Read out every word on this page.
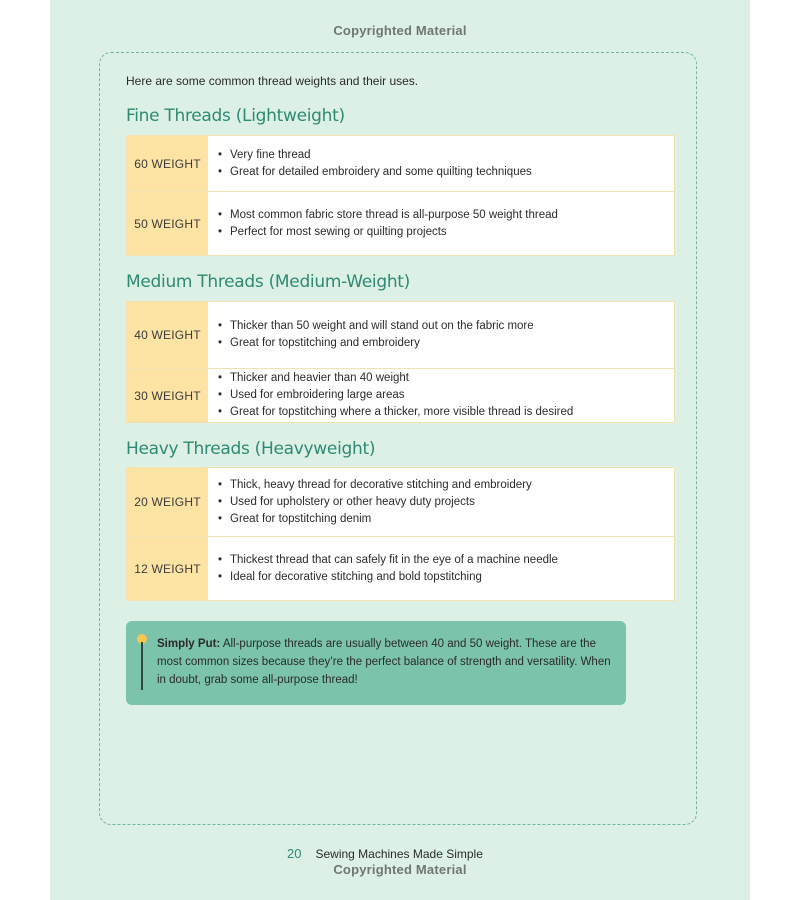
Copyrighted Material
Here are some common thread weights and their uses.
Fine Threads (Lightweight)
60 WEIGHT
• Very fine thread
• Great for detailed embroidery and some quilting techniques
50 WEIGHT
• Most common fabric store thread is all-purpose 50 weight thread
• Perfect for most sewing or quilting projects
Medium Threads (Medium-Weight)
40 WEIGHT
• Thicker than 50 weight and will stand out on the fabric more
• Great for topstitching and embroidery
30 WEIGHT
• Thicker and heavier than 40 weight
• Used for embroidering large areas
• Great for topstitching where a thicker, more visible thread is desired
Heavy Threads (Heavyweight)
20 WEIGHT
• Thick, heavy thread for decorative stitching and embroidery
• Used for upholstery or other heavy duty projects
• Great for topstitching denim
12 WEIGHT
• Thickest thread that can safely fit in the eye of a machine needle
• Ideal for decorative stitching and bold topstitching
Simply Put: All-purpose threads are usually between 40 and 50 weight. These are the most common sizes because they’re the perfect balance of strength and versatility. When in doubt, grab some all-purpose thread!
20 Sewing Machines Made Simple
Copyrighted Material
